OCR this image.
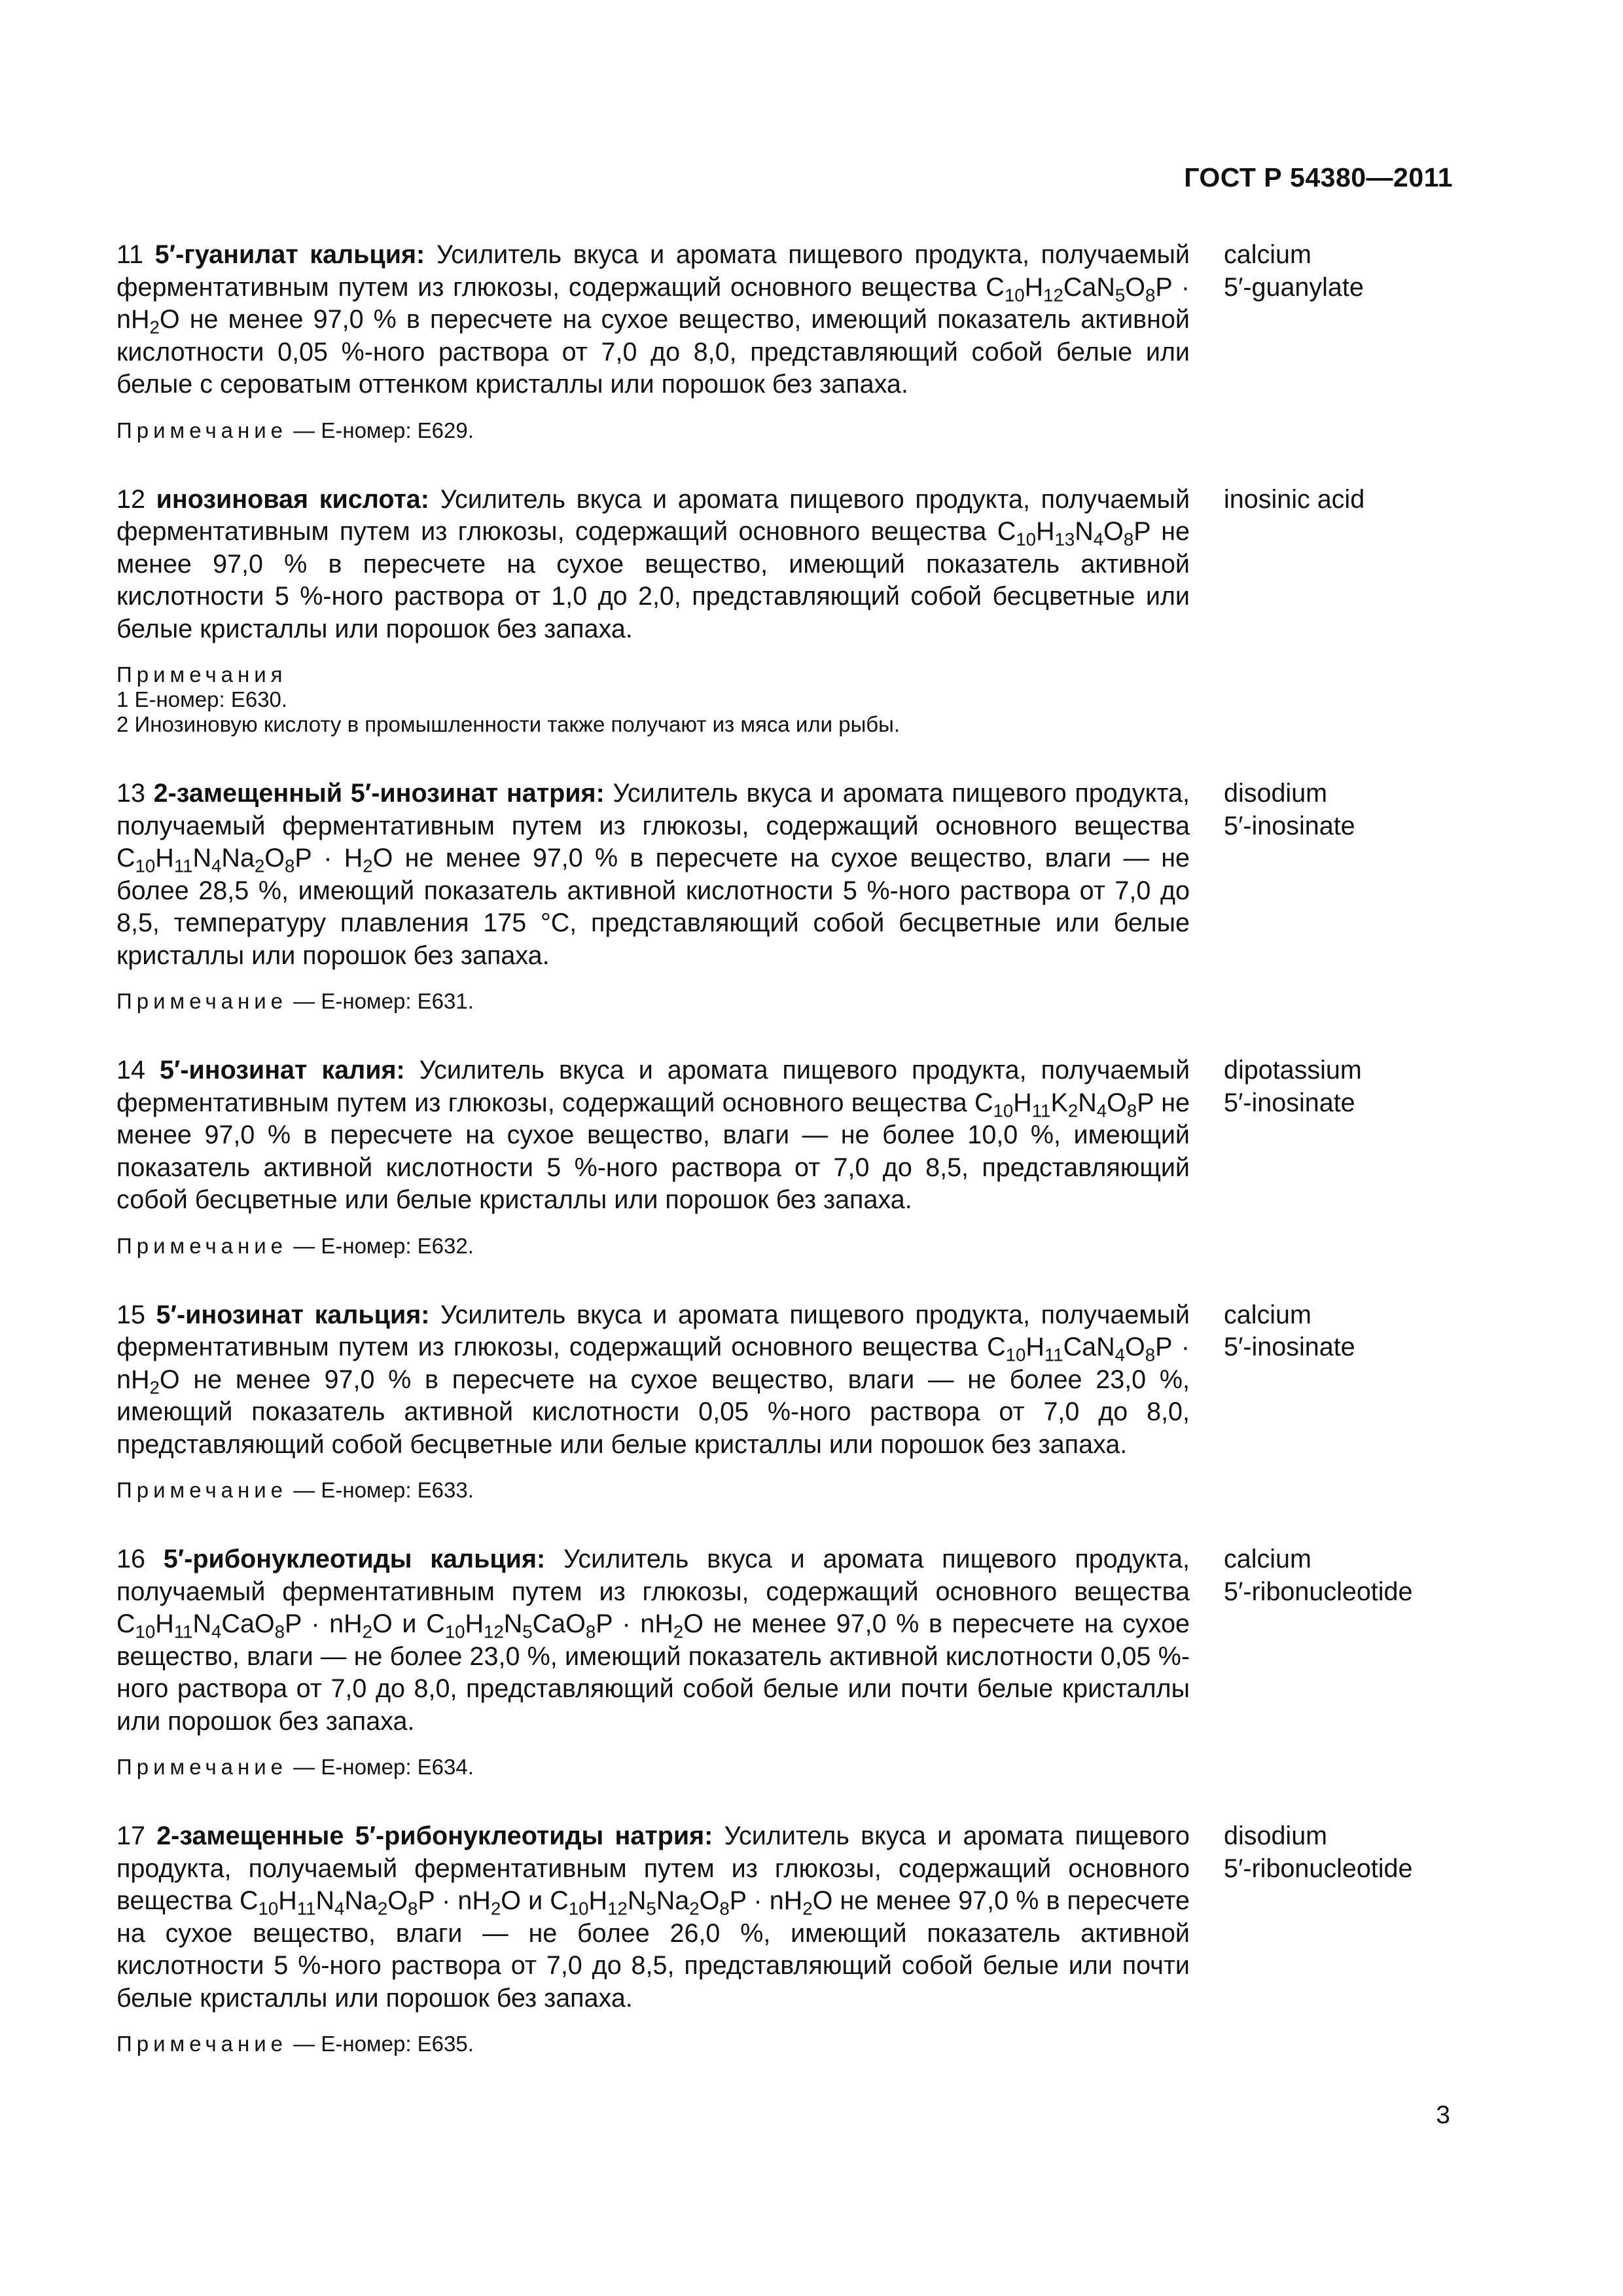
ГОСТ Р 54380—2011
11 5′-гуанилат кальция: Усилитель вкуса и аромата пищевого продукта, получаемый ферментативным путем из глюкозы, содержащий основного вещества $C_{10}H_{12}CaN_5O_8P \cdot nH_2O$ не менее 97,0 % в пересчете на сухое вещество, имеющий показатель активной кислотности 0,05 %-ного раствора от 7,0 до 8,0, представляющий собой белые или белые с сероватым оттенком кристаллы или порошок без запаха.
calcium
5′-guanylate
Примечание — E-номер: E629.
12 инозиновая кислота: Усилитель вкуса и аромата пищевого продукта, получаемый ферментативным путем из глюкозы, содержащий основного вещества $C_{10}H_{13}N_4O_8P$ не менее 97,0 % в пересчете на сухое вещество, имеющий показатель активной кислотности 5 %-ного раствора от 1,0 до 2,0, представляющий собой бесцветные или белые кристаллы или порошок без запаха.
inosinic acid
Примечания
1 E-номер: E630.
2 Инозиновую кислоту в промышленности также получают из мяса или рыбы.
13 2-замещенный 5′-инозинат натрия: Усилитель вкуса и аромата пищевого продукта, получаемый ферментативным путем из глюкозы, содержащий основного вещества $C_{10}H_{11}N_4Na_2O_8P \cdot H_2O$ не менее 97,0 % в пересчете на сухое вещество, влаги — не более 28,5 %, имеющий показатель активной кислотности 5 %-ного раствора от 7,0 до 8,5, температуру плавления 175 °C, представляющий собой бесцветные или белые кристаллы или порошок без запаха.
disodium
5′-inosinate
Примечание — E-номер: E631.
14 5′-инозинат калия: Усилитель вкуса и аромата пищевого продукта, получаемый ферментативным путем из глюкозы, содержащий основного вещества $C_{10}H_{11}K_2N_4O_8P$ не менее 97,0 % в пересчете на сухое вещество, влаги — не более 10,0 %, имеющий показатель активной кислотности 5 %-ного раствора от 7,0 до 8,5, представляющий собой бесцветные или белые кристаллы или порошок без запаха.
dipotassium
5′-inosinate
Примечание — E-номер: E632.
15 5′-инозинат кальция: Усилитель вкуса и аромата пищевого продукта, получаемый ферментативным путем из глюкозы, содержащий основного вещества $C_{10}H_{11}CaN_4O_8P \cdot nH_2O$ не менее 97,0 % в пересчете на сухое вещество, влаги — не более 23,0 %, имеющий показатель активной кислотности 0,05 %-ного раствора от 7,0 до 8,0, представляющий собой бесцветные или белые кристаллы или порошок без запаха.
calcium
5′-inosinate
Примечание — E-номер: E633.
16 5′-рибонуклеотиды кальция: Усилитель вкуса и аромата пищевого продукта, получаемый ферментативным путем из глюкозы, содержащий основного вещества $C_{10}H_{11}N_4CaO_8P \cdot nH_2O$ и $C_{10}H_{12}N_5CaO_8P \cdot nH_2O$ не менее 97,0 % в пересчете на сухое вещество, влаги — не более 23,0 %, имеющий показатель активной кислотности 0,05 %-ного раствора от 7,0 до 8,0, представляющий собой белые или почти белые кристаллы или порошок без запаха.
calcium
5′-ribonucleotide
Примечание — E-номер: E634.
17 2-замещенные 5′-рибонуклеотиды натрия: Усилитель вкуса и аромата пищевого продукта, получаемый ферментативным путем из глюкозы, содержащий основного вещества $C_{10}H_{11}N_4Na_2O_8P \cdot nH_2O$ и $C_{10}H_{12}N_5Na_2O_8P \cdot nH_2O$ не менее 97,0 % в пересчете на сухое вещество, влаги — не более 26,0 %, имеющий показатель активной кислотности 5 %-ного раствора от 7,0 до 8,5, представляющий собой белые или почти белые кристаллы или порошок без запаха.
disodium
5′-ribonucleotide
Примечание — E-номер: E635.
3
